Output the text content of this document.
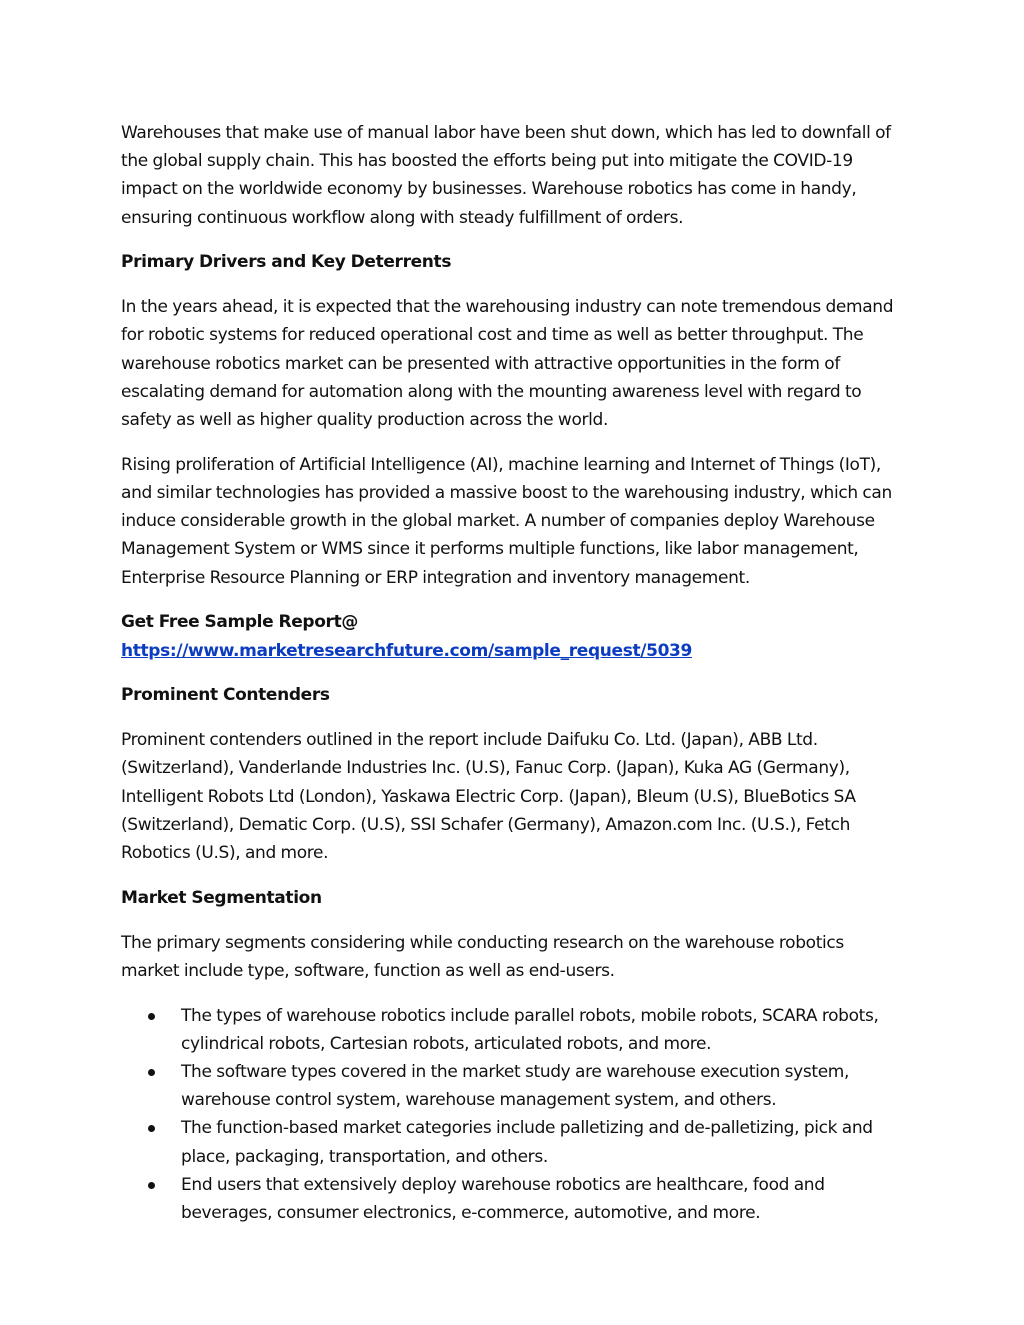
Warehouses that make use of manual labor have been shut down, which has led to downfall of the global supply chain. This has boosted the efforts being put into mitigate the COVID-19 impact on the worldwide economy by businesses. Warehouse robotics has come in handy, ensuring continuous workflow along with steady fulfillment of orders.

Primary Drivers and Key Deterrents

In the years ahead, it is expected that the warehousing industry can note tremendous demand for robotic systems for reduced operational cost and time as well as better throughput. The warehouse robotics market can be presented with attractive opportunities in the form of escalating demand for automation along with the mounting awareness level with regard to safety as well as higher quality production across the world.

Rising proliferation of Artificial Intelligence (AI), machine learning and Internet of Things (IoT), and similar technologies has provided a massive boost to the warehousing industry, which can induce considerable growth in the global market. A number of companies deploy Warehouse Management System or WMS since it performs multiple functions, like labor management, Enterprise Resource Planning or ERP integration and inventory management.

Get Free Sample Report@ https://www.marketresearchfuture.com/sample_request/5039

Prominent Contenders

Prominent contenders outlined in the report include Daifuku Co. Ltd. (Japan), ABB Ltd. (Switzerland), Vanderlande Industries Inc. (U.S), Fanuc Corp. (Japan), Kuka AG (Germany), Intelligent Robots Ltd (London), Yaskawa Electric Corp. (Japan), Bleum (U.S), BlueBotics SA (Switzerland), Dematic Corp. (U.S), SSI Schafer (Germany), Amazon.com Inc. (U.S.), Fetch Robotics (U.S), and more.

Market Segmentation

The primary segments considering while conducting research on the warehouse robotics market include type, software, function as well as end-users.

The types of warehouse robotics include parallel robots, mobile robots, SCARA robots, cylindrical robots, Cartesian robots, articulated robots, and more.
The software types covered in the market study are warehouse execution system, warehouse control system, warehouse management system, and others.
The function-based market categories include palletizing and de-palletizing, pick and place, packaging, transportation, and others.
End users that extensively deploy warehouse robotics are healthcare, food and beverages, consumer electronics, e-commerce, automotive, and more.
